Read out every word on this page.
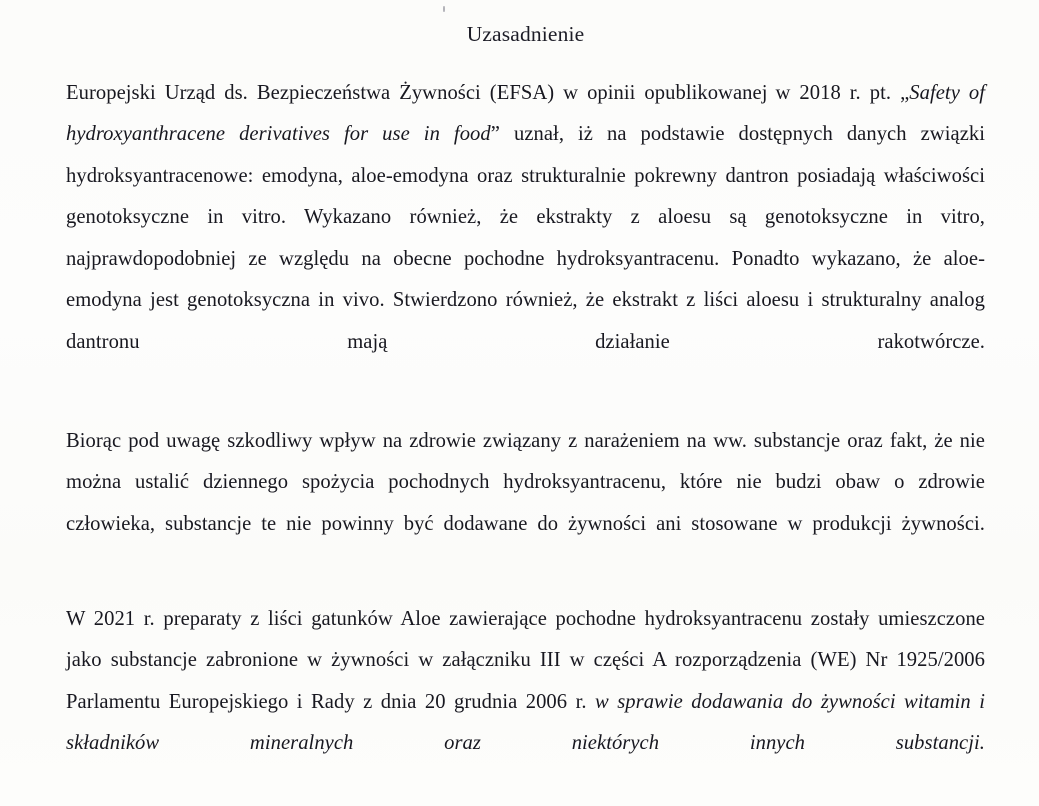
Uzasadnienie

Europejski Urząd ds. Bezpieczeństwa Żywności (EFSA) w opinii opublikowanej w 2018 r. pt. „Safety of hydroxyanthracene derivatives for use in food” uznał, iż na podstawie dostępnych danych związki hydroksyantracenowe: emodyna, aloe-emodyna oraz strukturalnie pokrewny dantron posiadają właściwości genotoksyczne in vitro. Wykazano również, że ekstrakty z aloesu są genotoksyczne in vitro, najprawdopodobniej ze względu na obecne pochodne hydroksyantracenu. Ponadto wykazano, że aloe-emodyna jest genotoksyczna in vivo. Stwierdzono również, że ekstrakt z liści aloesu i strukturalny analog dantronu mają działanie rakotwórcze.

Biorąc pod uwagę szkodliwy wpływ na zdrowie związany z narażeniem na ww. substancje oraz fakt, że nie można ustalić dziennego spożycia pochodnych hydroksyantracenu, które nie budzi obaw o zdrowie człowieka, substancje te nie powinny być dodawane do żywności ani stosowane w produkcji żywności.

W 2021 r. preparaty z liści gatunków Aloe zawierające pochodne hydroksyantracenu zostały umieszczone jako substancje zabronione w żywności w załączniku III w części A rozporządzenia (WE) Nr 1925/2006 Parlamentu Europejskiego i Rady z dnia 20 grudnia 2006 r. w sprawie dodawania do żywności witamin i składników mineralnych oraz niektórych innych substancji.
